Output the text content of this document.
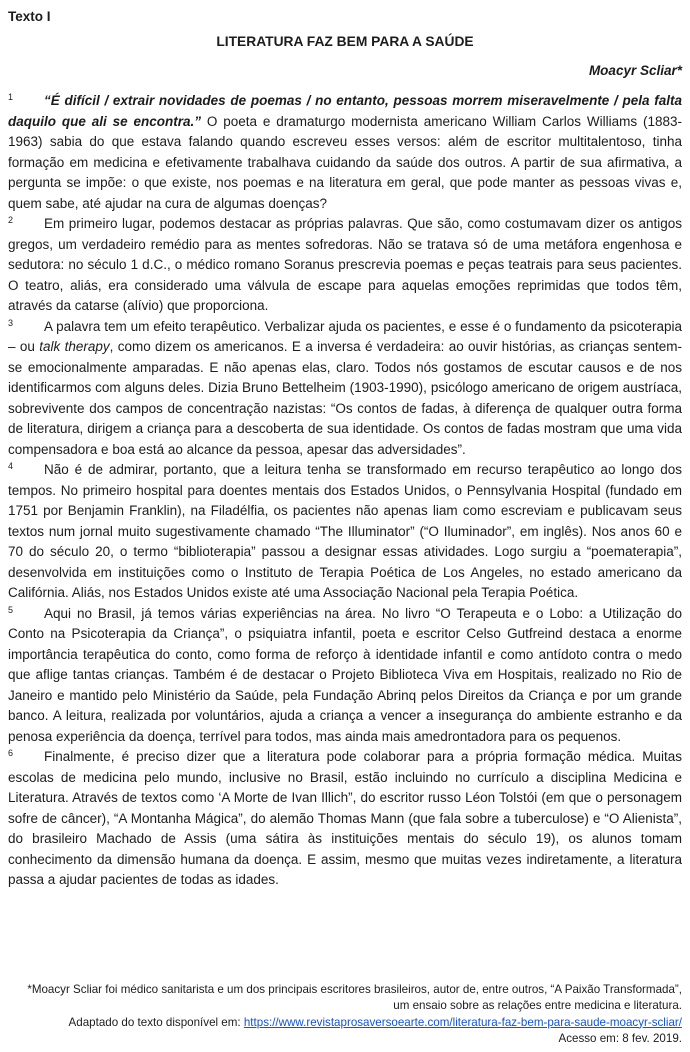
Texto I
LITERATURA FAZ BEM PARA A SAÚDE
Moacyr Scliar*

1 “É difícil / extrair novidades de poemas / no entanto, pessoas morrem miseravelmente / pela falta daquilo que ali se encontra.” O poeta e dramaturgo modernista americano William Carlos Williams (1883-1963) sabia do que estava falando quando escreveu esses versos: além de escritor multitalentoso, tinha formação em medicina e efetivamente trabalhava cuidando da saúde dos outros. A partir de sua afirmativa, a pergunta se impõe: o que existe, nos poemas e na literatura em geral, que pode manter as pessoas vivas e, quem sabe, até ajudar na cura de algumas doenças?

2 Em primeiro lugar, podemos destacar as próprias palavras. Que são, como costumavam dizer os antigos gregos, um verdadeiro remédio para as mentes sofredoras. Não se tratava só de uma metáfora engenhosa e sedutora: no século 1 d.C., o médico romano Soranus prescrevia poemas e peças teatrais para seus pacientes. O teatro, aliás, era considerado uma válvula de escape para aquelas emoções reprimidas que todos têm, através da catarse (alívio) que proporciona.

3 A palavra tem um efeito terapêutico. Verbalizar ajuda os pacientes, e esse é o fundamento da psicoterapia – ou talk therapy, como dizem os americanos. E a inversa é verdadeira: ao ouvir histórias, as crianças sentem-se emocionalmente amparadas. E não apenas elas, claro. Todos nós gostamos de escutar causos e de nos identificarmos com alguns deles. Dizia Bruno Bettelheim (1903-1990), psicólogo americano de origem austríaca, sobrevivente dos campos de concentração nazistas: “Os contos de fadas, à diferença de qualquer outra forma de literatura, dirigem a criança para a descoberta de sua identidade. Os contos de fadas mostram que uma vida compensadora e boa está ao alcance da pessoa, apesar das adversidades”.

4 Não é de admirar, portanto, que a leitura tenha se transformado em recurso terapêutico ao longo dos tempos. No primeiro hospital para doentes mentais dos Estados Unidos, o Pennsylvania Hospital (fundado em 1751 por Benjamin Franklin), na Filadélfia, os pacientes não apenas liam como escreviam e publicavam seus textos num jornal muito sugestivamente chamado “The Illuminator” (“O Iluminador”, em inglês). Nos anos 60 e 70 do século 20, o termo “biblioterapia” passou a designar essas atividades. Logo surgiu a “poematerapia”, desenvolvida em instituições como o Instituto de Terapia Poética de Los Angeles, no estado americano da Califórnia. Aliás, nos Estados Unidos existe até uma Associação Nacional pela Terapia Poética.

5 Aqui no Brasil, já temos várias experiências na área. No livro “O Terapeuta e o Lobo: a Utilização do Conto na Psicoterapia da Criança”, o psiquiatra infantil, poeta e escritor Celso Gutfreind destaca a enorme importância terapêutica do conto, como forma de reforço à identidade infantil e como antídoto contra o medo que aflige tantas crianças. Também é de destacar o Projeto Biblioteca Viva em Hospitais, realizado no Rio de Janeiro e mantido pelo Ministério da Saúde, pela Fundação Abrinq pelos Direitos da Criança e por um grande banco. A leitura, realizada por voluntários, ajuda a criança a vencer a insegurança do ambiente estranho e da penosa experiência da doença, terrível para todos, mas ainda mais amedrontadora para os pequenos.

6 Finalmente, é preciso dizer que a literatura pode colaborar para a própria formação médica. Muitas escolas de medicina pelo mundo, inclusive no Brasil, estão incluindo no currículo a disciplina Medicina e Literatura. Através de textos como ‘A Morte de Ivan Illich”, do escritor russo Léon Tolstói (em que o personagem sofre de câncer), “A Montanha Mágica”, do alemão Thomas Mann (que fala sobre a tuberculose) e “O Alienista”, do brasileiro Machado de Assis (uma sátira às instituições mentais do século 19), os alunos tomam conhecimento da dimensão humana da doença. E assim, mesmo que muitas vezes indiretamente, a literatura passa a ajudar pacientes de todas as idades.

*Moacyr Scliar foi médico sanitarista e um dos principais escritores brasileiros, autor de, entre outros, “A Paixão Transformada”,
um ensaio sobre as relações entre medicina e literatura.
Adaptado do texto disponível em: https://www.revistaprosaversoearte.com/literatura-faz-bem-para-saude-moacyr-scliar/
Acesso em: 8 fev. 2019.
